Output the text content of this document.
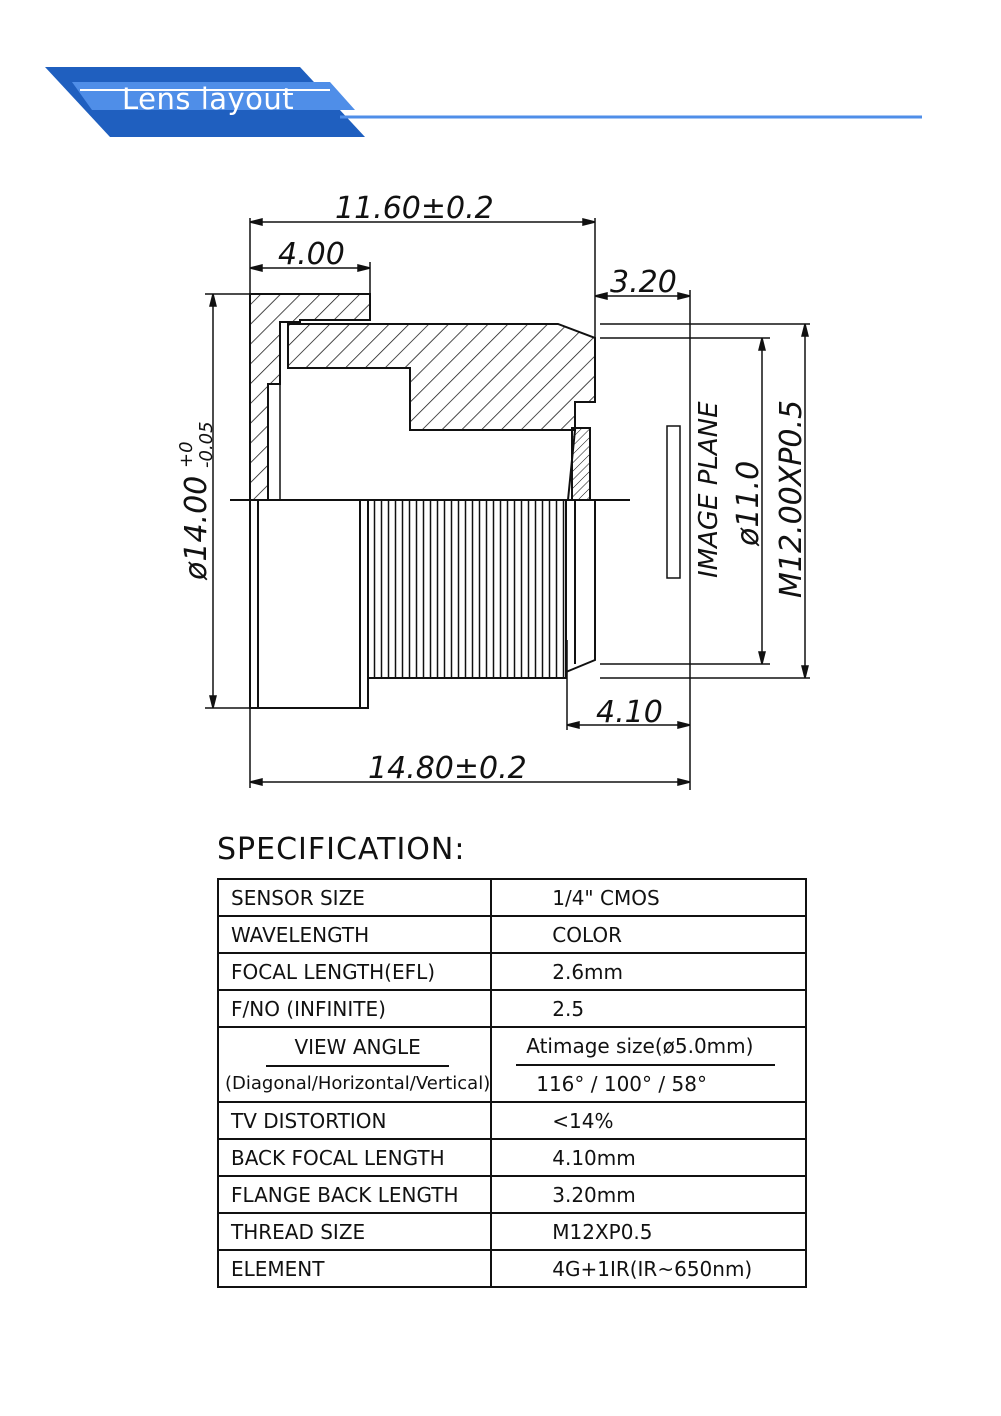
Lens layout
11.60±0.2
4.00
3.20
4.10
14.80±0.2
ø14.00
+0 -0.05	IMAGE PLANE ø11.0 M12.00XP0.5
SPECIFICATION:
SENSOR SIZE	1/4" CMOS
WAVELENGTH	COLOR
FOCAL LENGTH(EFL)	2.6mm
F/NO (INFINITE)	2.5

VIEW ANGLE
(Diagonal/Horizontal/Vertical)	Atimage size(ø5.0mm)
116° / 100° / 58°

TV DISTORTION	<14%
BACK FOCAL LENGTH	4.10mm
FLANGE BACK LENGTH	3.20mm
THREAD SIZE	M12XP0.5
ELEMENT	4G+1IR(IR~650nm)
